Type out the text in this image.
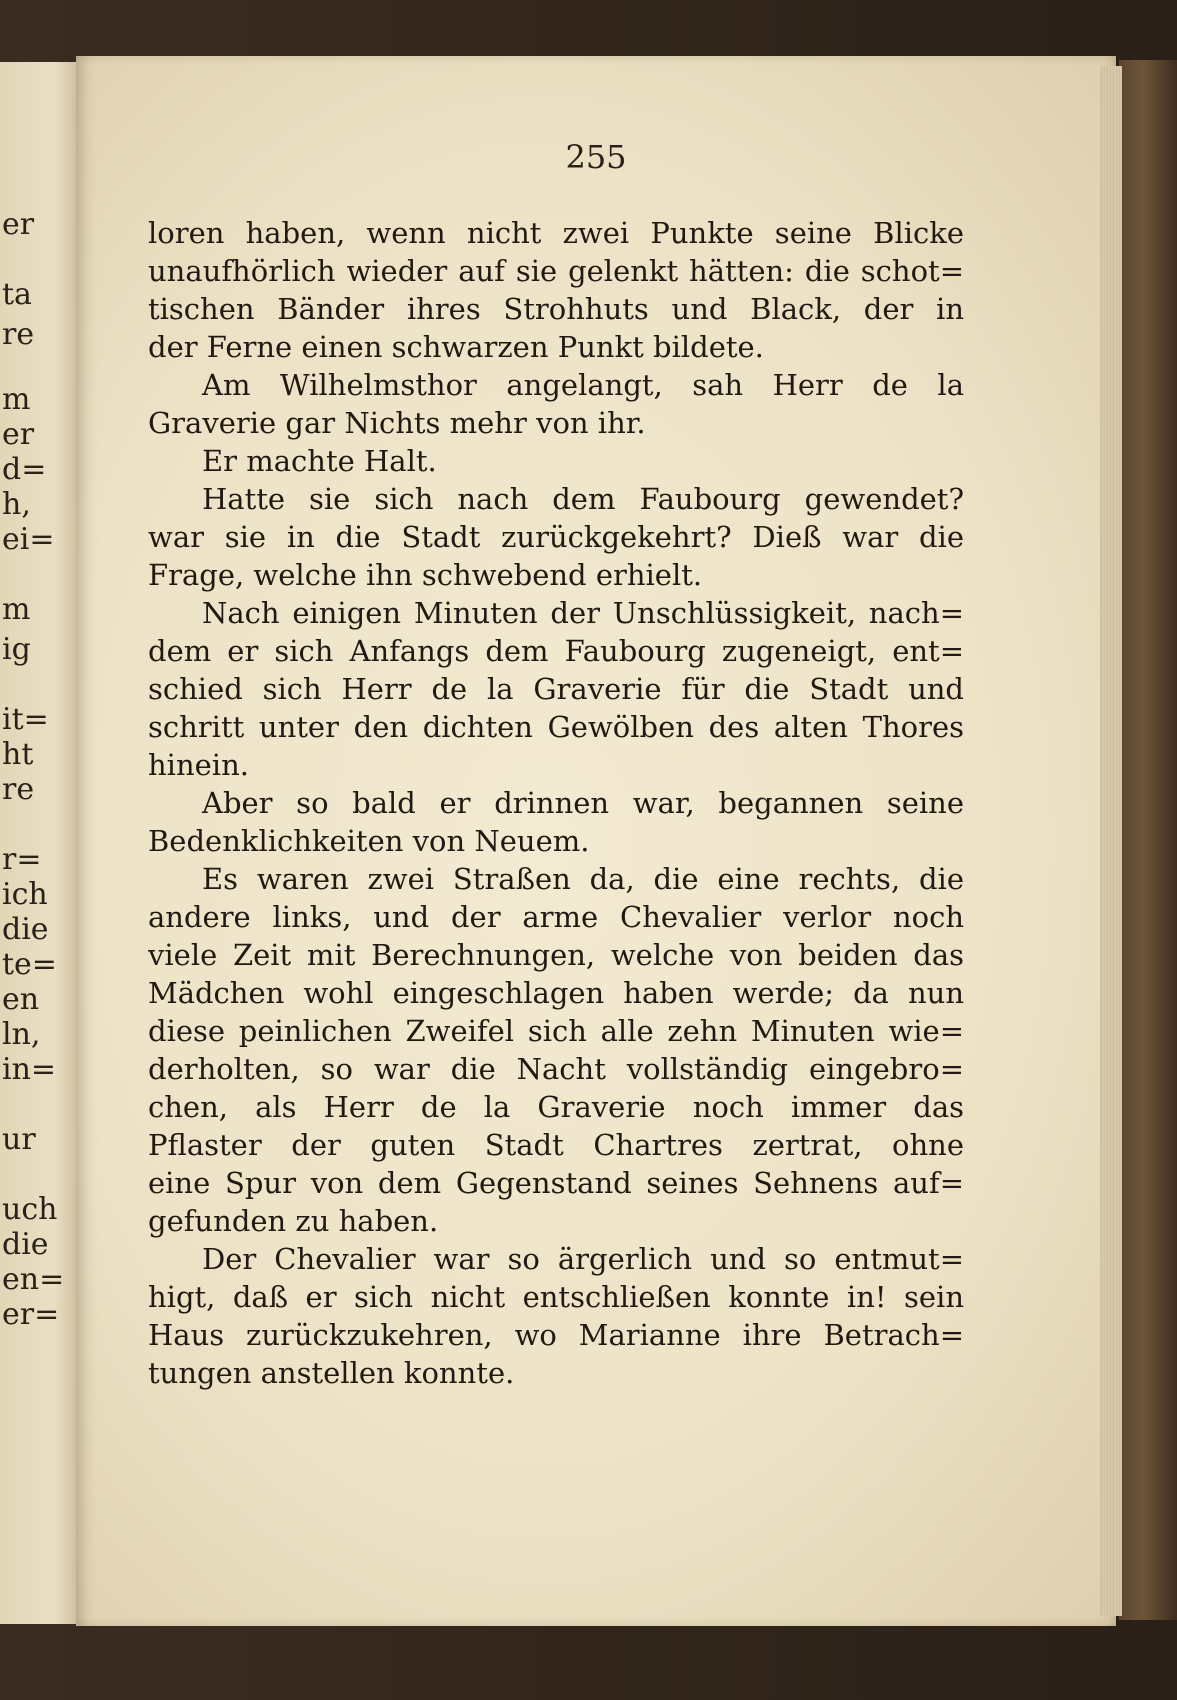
er
ta
re
m
er
d=
h,
ei=
m
ig
it=
ht
re
r=
ich
die
te=
en
ln,
in=
ur
uch
die
en=
er=
255
loren haben, wenn nicht zwei Punkte seine Blicke
unaufhörlich wieder auf sie gelenkt hätten: die schot=
tischen Bänder ihres Strohhuts und Black, der in
der Ferne einen schwarzen Punkt bildete.
Am Wilhelmsthor angelangt, sah Herr de la
Graverie gar Nichts mehr von ihr.
Er machte Halt.
Hatte sie sich nach dem Faubourg gewendet?
war sie in die Stadt zurückgekehrt? Dieß war die
Frage, welche ihn schwebend erhielt.
Nach einigen Minuten der Unschlüssigkeit, nach=
dem er sich Anfangs dem Faubourg zugeneigt, ent=
schied sich Herr de la Graverie für die Stadt und
schritt unter den dichten Gewölben des alten Thores
hinein.
Aber so bald er drinnen war, begannen seine
Bedenklichkeiten von Neuem.
Es waren zwei Straßen da, die eine rechts, die
andere links, und der arme Chevalier verlor noch
viele Zeit mit Berechnungen, welche von beiden das
Mädchen wohl eingeschlagen haben werde; da nun
diese peinlichen Zweifel sich alle zehn Minuten wie=
derholten, so war die Nacht vollständig eingebro=
chen, als Herr de la Graverie noch immer das
Pflaster der guten Stadt Chartres zertrat, ohne
eine Spur von dem Gegenstand seines Sehnens auf=
gefunden zu haben.
Der Chevalier war so ärgerlich und so entmut=
higt, daß er sich nicht entschließen konnte in! sein
Haus zurückzukehren, wo Marianne ihre Betrach=
tungen anstellen konnte.
